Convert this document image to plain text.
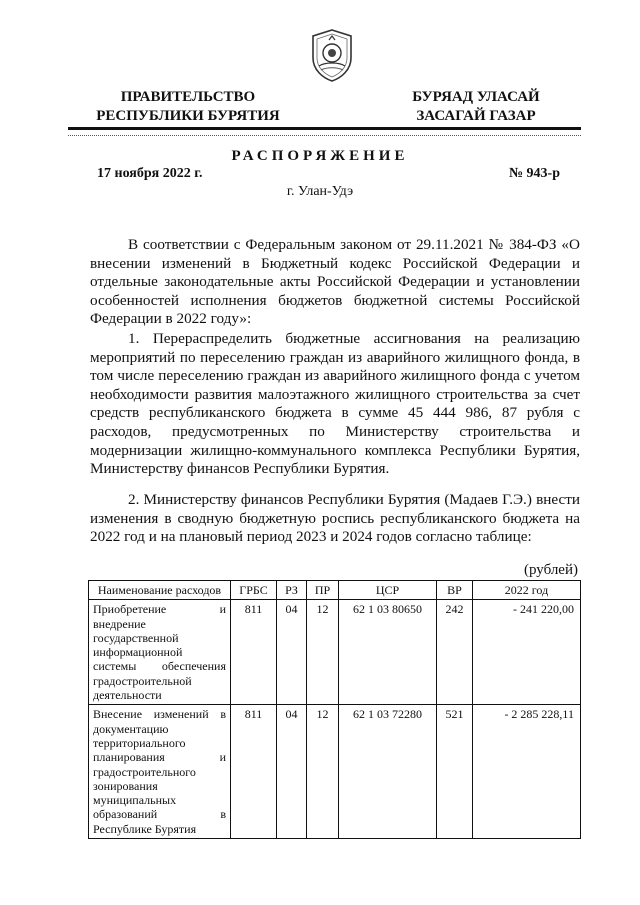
ПРАВИТЕЛЬСТВО
РЕСПУБЛИКИ БУРЯТИЯ
БУРЯАД УЛАСАЙ
ЗАСАГАЙ ГАЗАР
РАСПОРЯЖЕНИЕ
17 ноября 2022 г.	№ 943-р
г. Улан-Удэ

В соответствии с Федеральным законом от 29.11.2021 № 384-ФЗ «О внесении изменений в Бюджетный кодекс Российской Федерации и отдельные законодательные акты Российской Федерации и установлении особенностей исполнения бюджетов бюджетной системы Российской Федерации в 2022 году»:

1. Перераспределить бюджетные ассигнования на реализацию мероприятий по переселению граждан из аварийного жилищного фонда, в том числе переселению граждан из аварийного жилищного фонда с учетом необходимости развития малоэтажного жилищного строительства за счет средств республиканского бюджета в сумме 45 444 986, 87 рубля с расходов, предусмотренных по Министерству строительства и модернизации жилищно-коммунального комплекса Республики Бурятия, Министерству финансов Республики Бурятия.

2. Министерству финансов Республики Бурятия (Мадаев Г.Э.) внести изменения в сводную бюджетную роспись республиканского бюджета на 2022 год и на плановый период 2023 и 2024 годов согласно таблице:

(рублей)
Наименование расходов	ГРБС	РЗ	ПР	ЦСР	ВР	2022 год
Приобретение и внедрение государственной информационной системы обеспечения градостроительной деятельности	811	04	12	62 1 03 80650	242	- 241 220,00
Внесение изменений в документацию территориального планирования и градостроительного зонирования муниципальных образований в Республике Бурятия	811	04	12	62 1 03 72280	521	- 2 285 228,11
